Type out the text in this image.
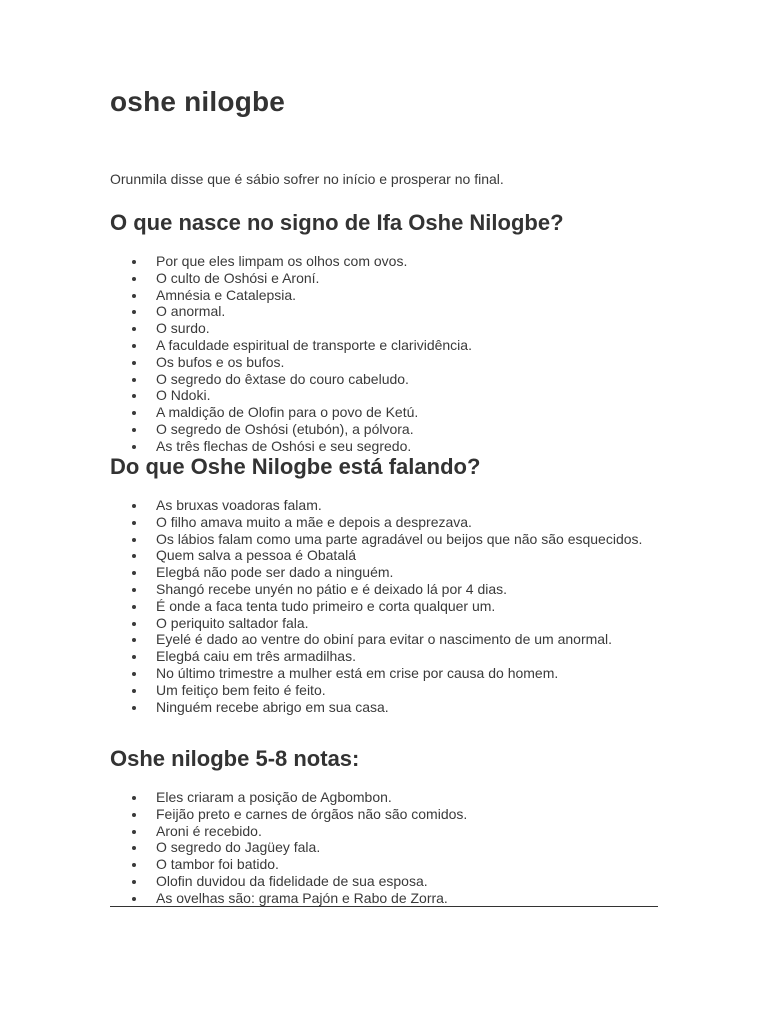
oshe nilogbe

Orunmila disse que é sábio sofrer no início e prosperar no final.

O que nasce no signo de Ifa Oshe Nilogbe?
Por que eles limpam os olhos com ovos.
O culto de Oshósi e Aroní.
Amnésia e Catalepsia.
O anormal.
O surdo.
A faculdade espiritual de transporte e clarividência.
Os bufos e os bufos.
O segredo do êxtase do couro cabeludo.
O Ndoki.
A maldição de Olofin para o povo de Ketú.
O segredo de Oshósi (etubón), a pólvora.
As três flechas de Oshósi e seu segredo.
Do que Oshe Nilogbe está falando?
As bruxas voadoras falam.
O filho amava muito a mãe e depois a desprezava.
Os lábios falam como uma parte agradável ou beijos que não são esquecidos.
Quem salva a pessoa é Obatalá
Elegbá não pode ser dado a ninguém.
Shangó recebe unyén no pátio e é deixado lá por 4 dias.
É onde a faca tenta tudo primeiro e corta qualquer um.
O periquito saltador fala.
Eyelé é dado ao ventre do obiní para evitar o nascimento de um anormal.
Elegbá caiu em três armadilhas.
No último trimestre a mulher está em crise por causa do homem.
Um feitiço bem feito é feito.
Ninguém recebe abrigo em sua casa.
Oshe nilogbe 5-8 notas:
Eles criaram a posição de Agbombon.
Feijão preto e carnes de órgãos não são comidos.
Aroni é recebido.
O segredo do Jagüey fala.
O tambor foi batido.
Olofin duvidou da fidelidade de sua esposa.
As ovelhas são: grama Pajón e Rabo de Zorra.
